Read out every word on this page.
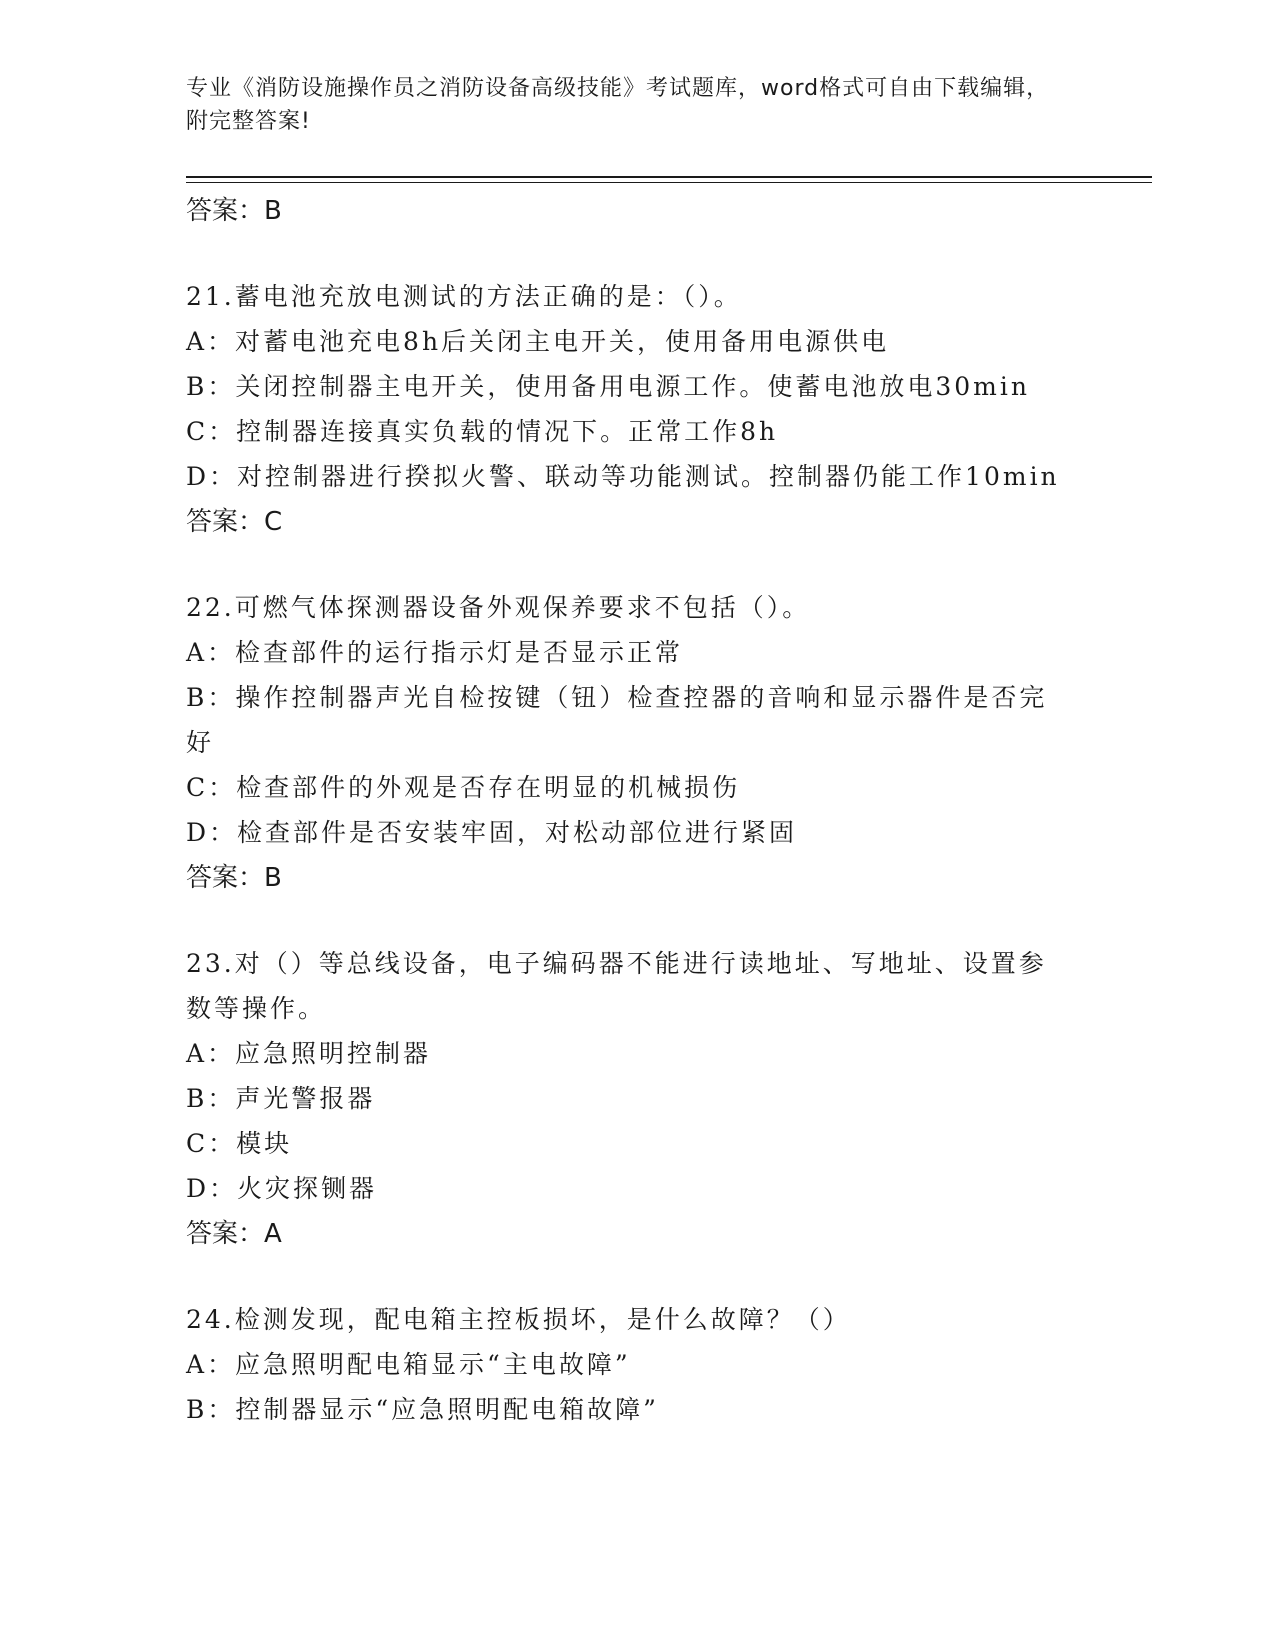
专业《消防设施操作员之消防设备高级技能》考试题库，word格式可自由下载编辑，附完整答案!
答案：B
21.蓄电池充放电测试的方法正确的是：（）。
A：对蓄电池充电8h后关闭主电开关，使用备用电源供电
B：关闭控制器主电开关，使用备用电源工作。使蓄电池放电30min
C：控制器连接真实负载的情况下。正常工作8h
D：对控制器进行揆拟火警、联动等功能测试。控制器仍能工作10min
答案：C
22.可燃气体探测器设备外观保养要求不包括（）。
A：检查部件的运行指示灯是否显示正常
B：操作控制器声光自检按键（钮）检查控器的音响和显示器件是否完好
C：检查部件的外观是否存在明显的机械损伤
D：检查部件是否安装牢固，对松动部位进行紧固
答案：B
23.对（）等总线设备，电子编码器不能进行读地址、写地址、设置参数等操作。
A：应急照明控制器
B：声光警报器
C：模块
D：火灾探铡器
答案：A
24.检测发现，配电箱主控板损坏，是什么故障？（）
A：应急照明配电箱显示“主电故障”
B：控制器显示“应急照明配电箱故障”
